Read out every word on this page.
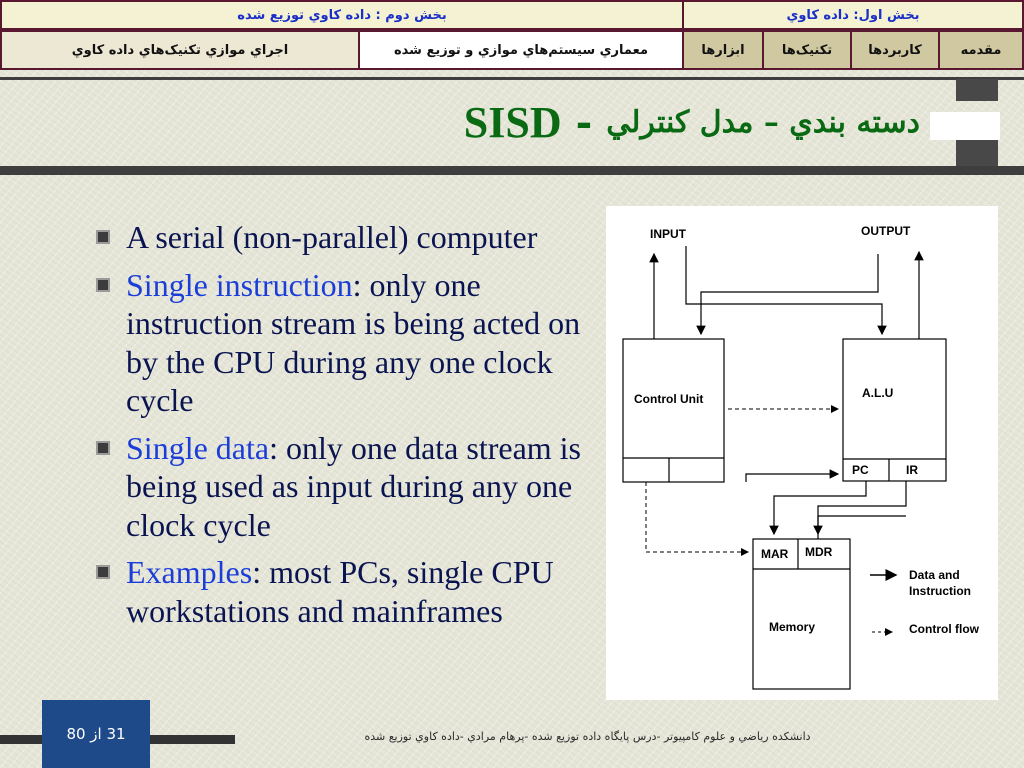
بخش اول: داده کاوي
بخش دوم : داده کاوي توزيع شده
مقدمه
کاربردها
تکنيک‌ها
ابزارها
معماري سيستم‌هاي موازي و توزيع شده
اجراي موازي تکنيک‌هاي داده کاوي
SISD - دسته بندي – مدل کنترلي
A serial (non-parallel) computer
Single instruction: only one instruction stream is being acted on by the CPU during any one clock cycle
Single data: only one data stream is being used as input during any one clock cycle
Examples: most PCs, single CPU workstations and mainframes
INPUT	OUTPUT
Control Unit	A.L.U
PC	IR
MAR MDR
Memory
Data and
Instruction
Control flow
31 از 80	دانشکده رياضي و علوم کامپيوتر -درس پايگاه داده توزيع شده -پرهام مرادي -داده کاوي توزيع شده
